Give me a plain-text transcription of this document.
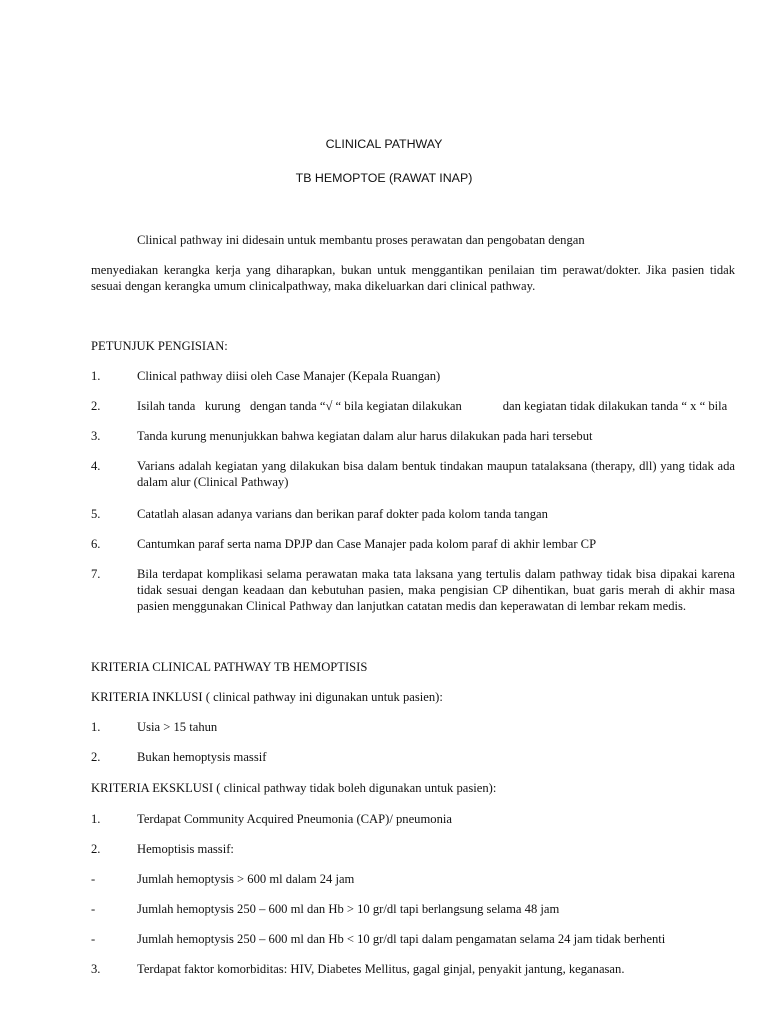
CLINICAL PATHWAY
TB HEMOPTOE (RAWAT INAP)
Clinical pathway ini didesain untuk membantu proses perawatan dan pengobatan dengan
menyediakan kerangka kerja yang diharapkan, bukan untuk menggantikan penilaian tim perawat/dokter. Jika pasien tidak sesuai dengan kerangka umum clinicalpathway, maka dikeluarkan dari clinical pathway.
PETUNJUK PENGISIAN:
1.	Clinical pathway diisi oleh Case Manajer (Kepala Ruangan)
2.	Isilah tanda   kurung   dengan tanda “√ “ bila kegiatan dilakukan             dan kegiatan tidak dilakukan tanda “ x “ bila
3.	Tanda kurung menunjukkan bahwa kegiatan dalam alur harus dilakukan pada hari tersebut
4.	Varians adalah kegiatan yang dilakukan bisa dalam bentuk tindakan maupun tatalaksana (therapy, dll) yang tidak ada dalam alur (Clinical Pathway)
5.	Catatlah alasan adanya varians dan berikan paraf dokter pada kolom tanda tangan
6.	Cantumkan paraf serta nama DPJP dan Case Manajer pada kolom paraf di akhir lembar CP
7.	Bila terdapat komplikasi selama perawatan maka tata laksana yang tertulis dalam pathway tidak bisa dipakai karena tidak sesuai dengan keadaan dan kebutuhan pasien, maka pengisian CP dihentikan, buat garis merah di akhir masa pasien menggunakan Clinical Pathway dan lanjutkan catatan medis dan keperawatan di lembar rekam medis.
KRITERIA CLINICAL PATHWAY TB HEMOPTISIS
KRITERIA INKLUSI ( clinical pathway ini digunakan untuk pasien):
1.	Usia > 15 tahun
2.	Bukan hemoptysis massif
KRITERIA EKSKLUSI ( clinical pathway tidak boleh digunakan untuk pasien):
1.	Terdapat Community Acquired Pneumonia (CAP)/ pneumonia
2.	Hemoptisis massif:
-	Jumlah hemoptysis > 600 ml dalam 24 jam
-	Jumlah hemoptysis 250 – 600 ml dan Hb > 10 gr/dl tapi berlangsung selama 48 jam
-	Jumlah hemoptysis 250 – 600 ml dan Hb < 10 gr/dl tapi dalam pengamatan selama 24 jam tidak berhenti
3.	Terdapat faktor komorbiditas: HIV, Diabetes Mellitus, gagal ginjal, penyakit jantung, keganasan.
